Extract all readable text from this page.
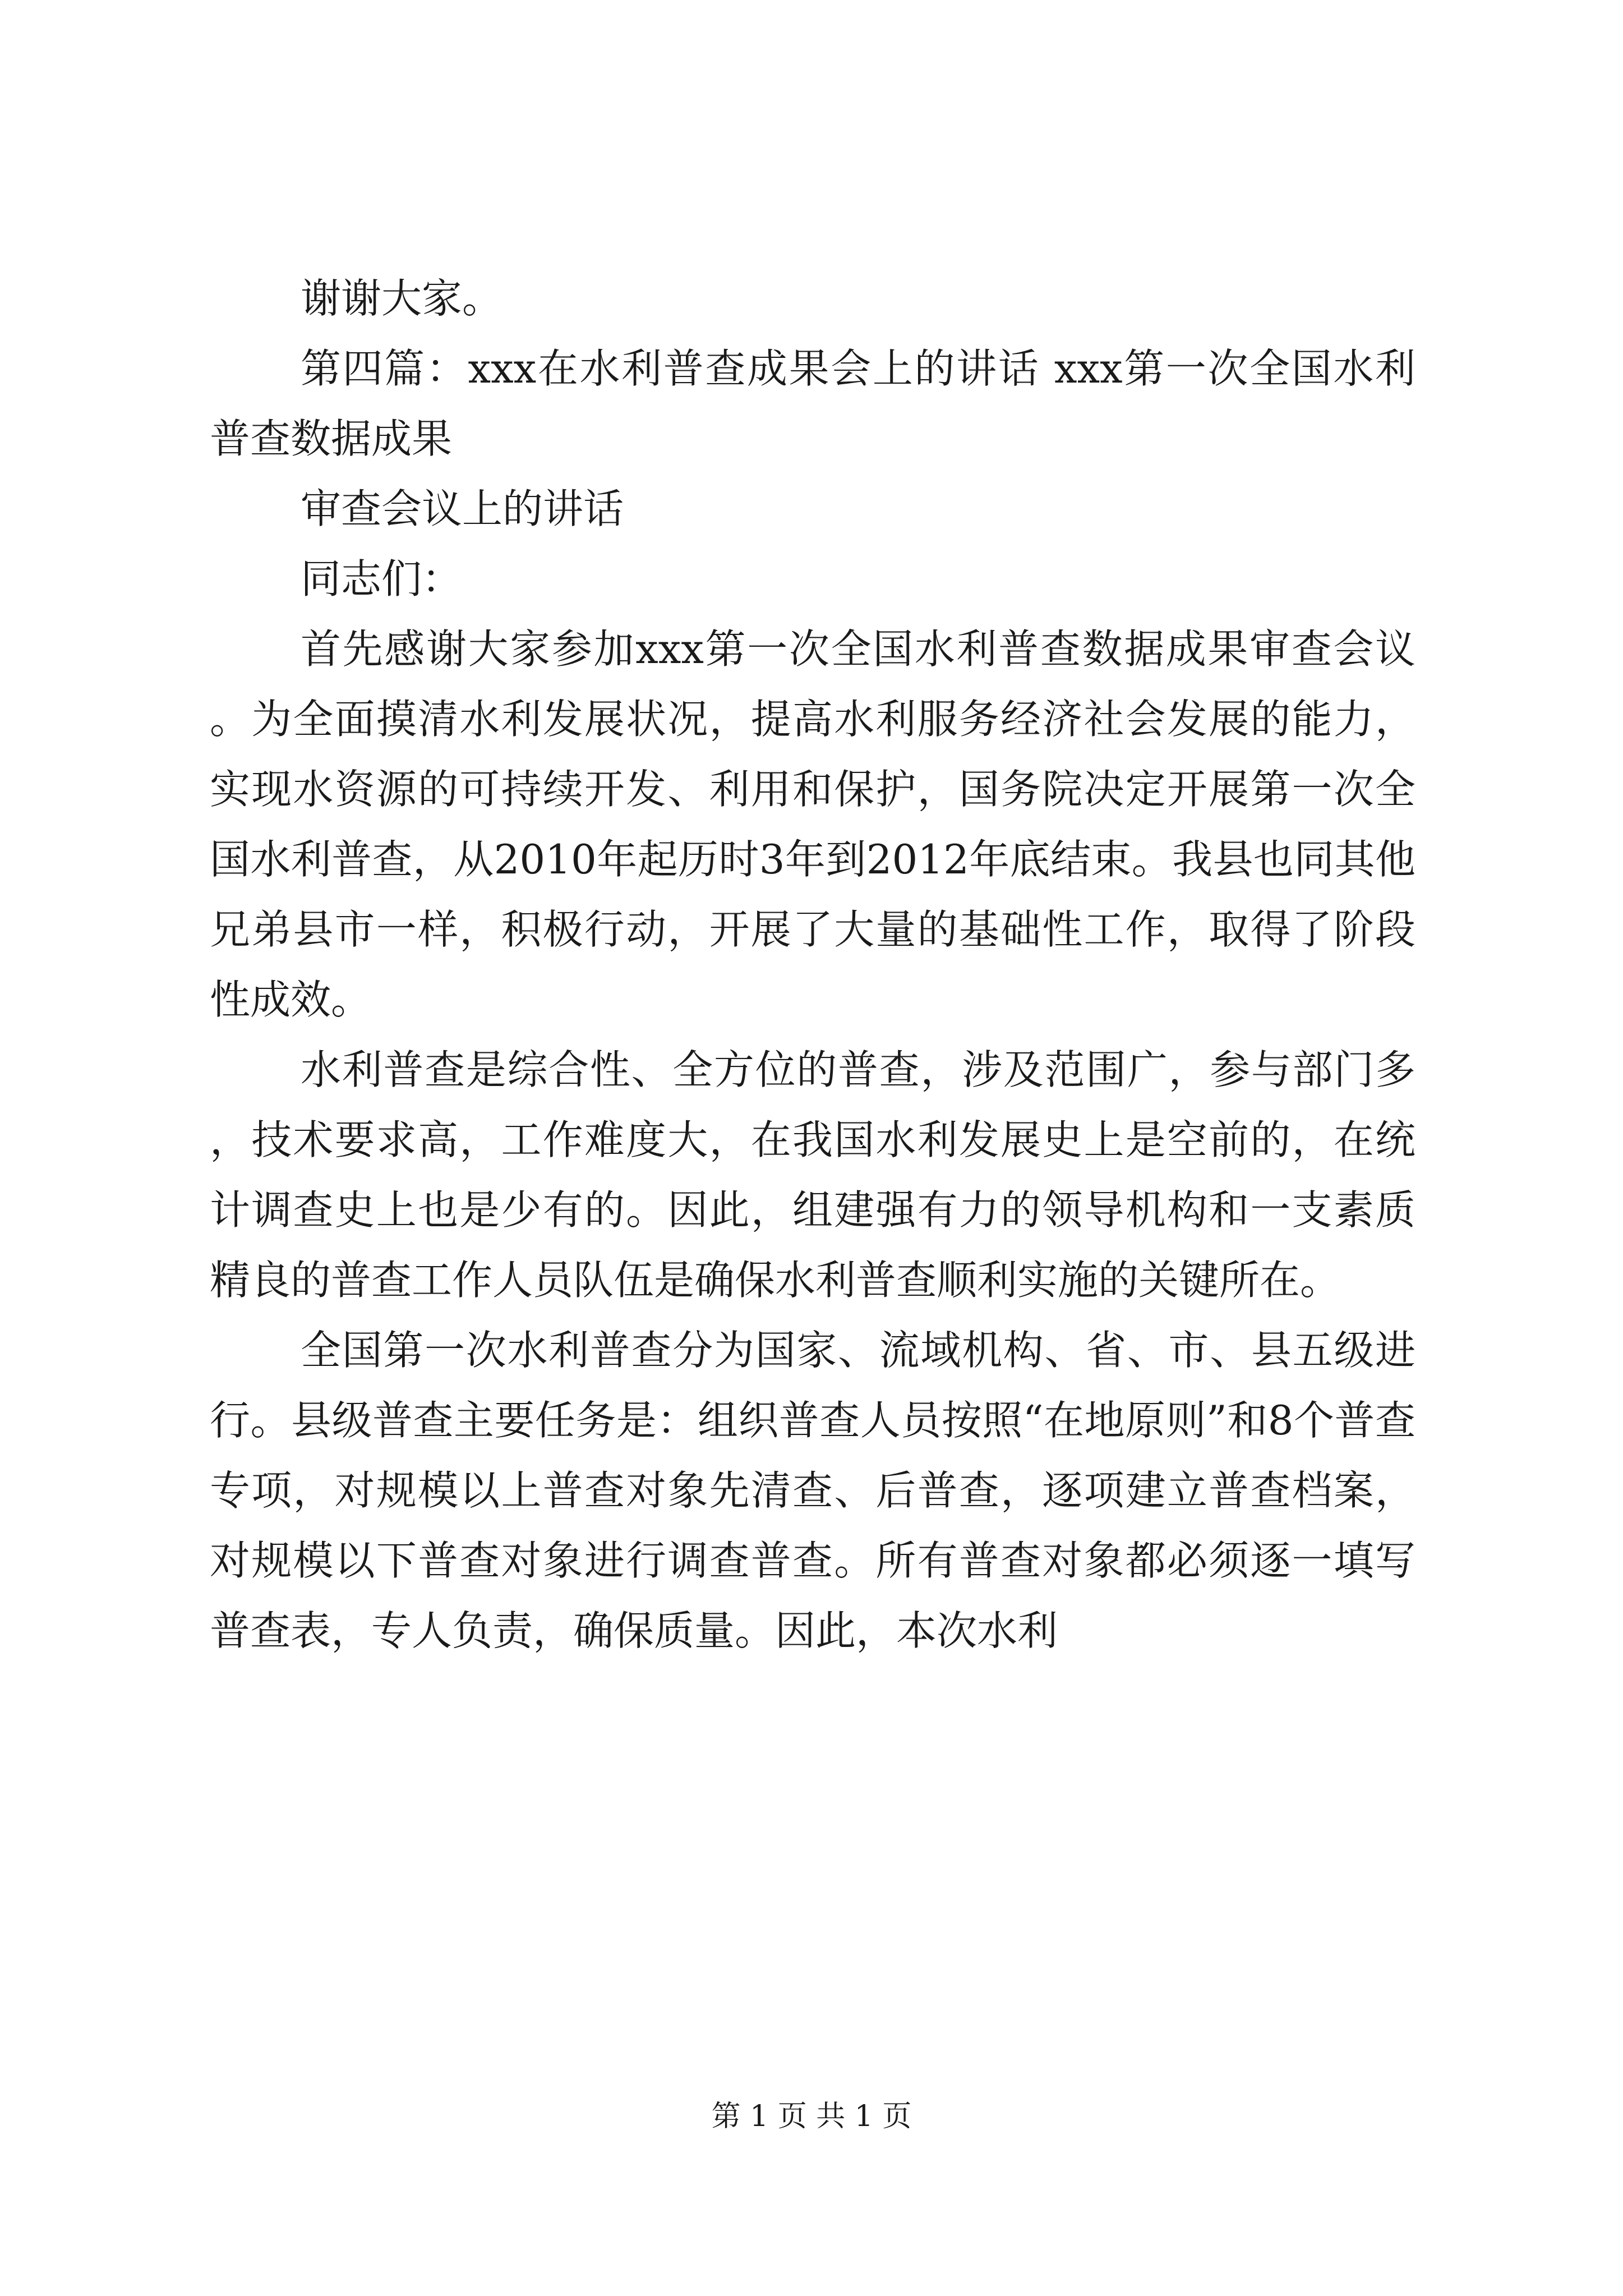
谢谢大家。

第四篇：xxx在水利普查成果会上的讲话 xxx第一次全国水利普查数据成果

审查会议上的讲话

同志们：

首先感谢大家参加xxx第一次全国水利普查数据成果审查会议。为全面摸清水利发展状况，提高水利服务经济社会发展的能力，实现水资源的可持续开发、利用和保护，国务院决定开展第一次全国水利普查，从2010年起历时3年到2012年底结束。我县也同其他兄弟县市一样，积极行动，开展了大量的基础性工作，取得了阶段性成效。

水利普查是综合性、全方位的普查，涉及范围广，参与部门多，技术要求高，工作难度大，在我国水利发展史上是空前的，在统计调查史上也是少有的。因此，组建强有力的领导机构和一支素质精良的普查工作人员队伍是确保水利普查顺利实施的关键所在。

全国第一次水利普查分为国家、流域机构、省、市、县五级进行。县级普查主要任务是：组织普查人员按照“在地原则”和8个普查专项，对规模以上普查对象先清查、后普查，逐项建立普查档案，对规模以下普查对象进行调查普查。所有普查对象都必须逐一填写普查表，专人负责，确保质量。因此，本次水利

第 1 页 共 1 页
